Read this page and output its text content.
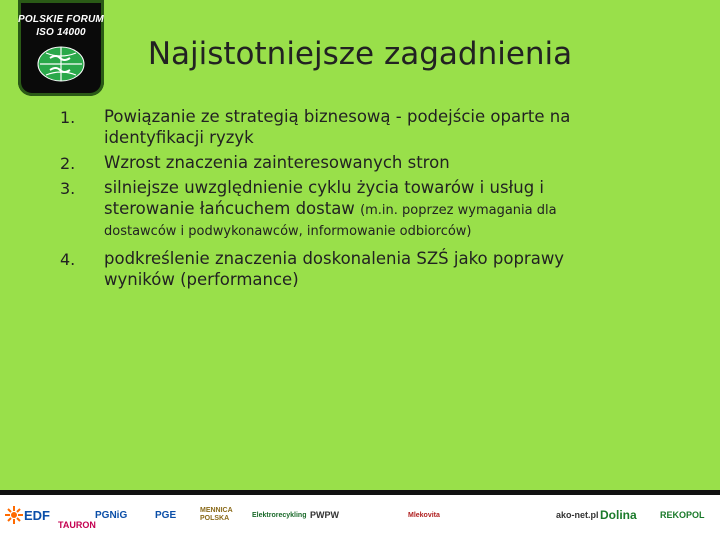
POLSKIE FORUM
ISO 14000
Najistotniejsze zagadnienia
1. Powiązanie ze strategią biznesową - podejście oparte na
identyfikacji ryzyk
2. Wzrost znaczenia zainteresowanych stron
3. silniejsze uwzględnienie cyklu życia towarów i usług i
sterowanie łańcuchem dostaw (m.in. poprzez wymagania dla
dostawców i podwykonawców, informowanie odbiorców)
4. podkreślenie znaczenia doskonalenia SZŚ jako poprawy
wyników (performance)
EDF
TAURON
PGNiG	PGE	MENNICA POLSKA	Elektrorecykling PWPW	Mlekovita	ako-net.pl Dolina	REKOPOL
